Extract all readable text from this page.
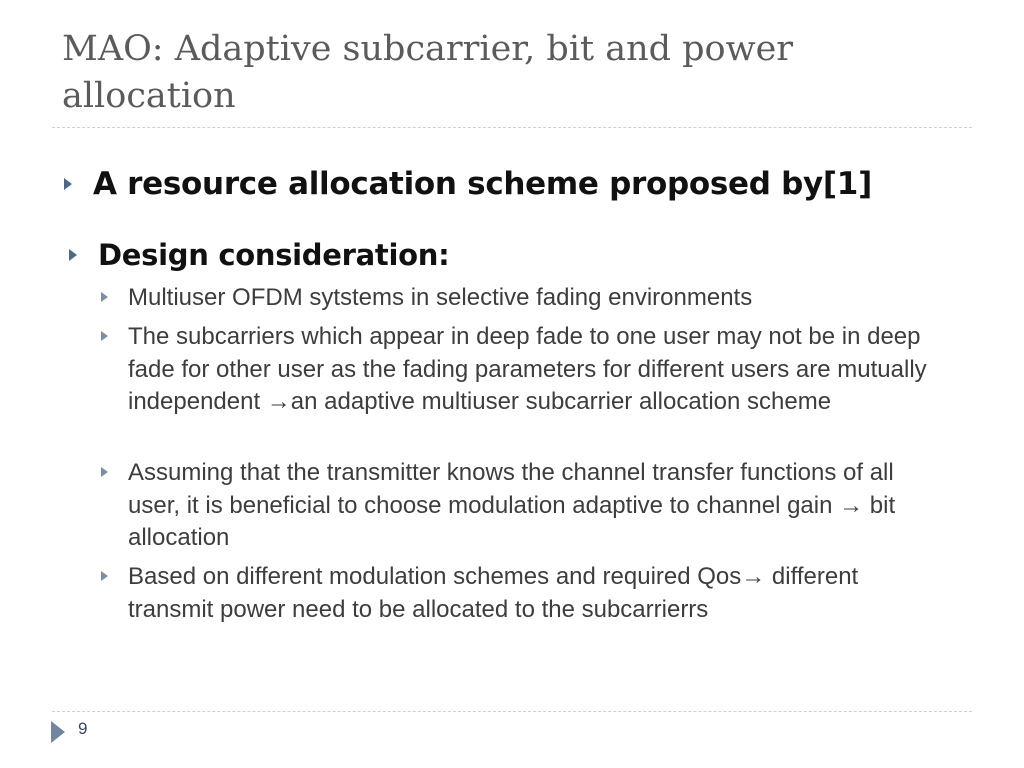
MAO: Adaptive subcarrier, bit and power allocation

A resource allocation scheme proposed by[1]

Design consideration:

Multiuser OFDM sytstems in selective fading environments

The subcarriers which appear in deep fade to one user may not be in deep fade for other user as the fading parameters for different users are mutually independent →an adaptive multiuser subcarrier allocation scheme

Assuming that the transmitter knows the channel transfer functions of all user, it is beneficial to choose modulation adaptive to channel gain → bit allocation

Based on different modulation schemes and required Qos→ different transmit power need to be allocated to the subcarrierrs

9
